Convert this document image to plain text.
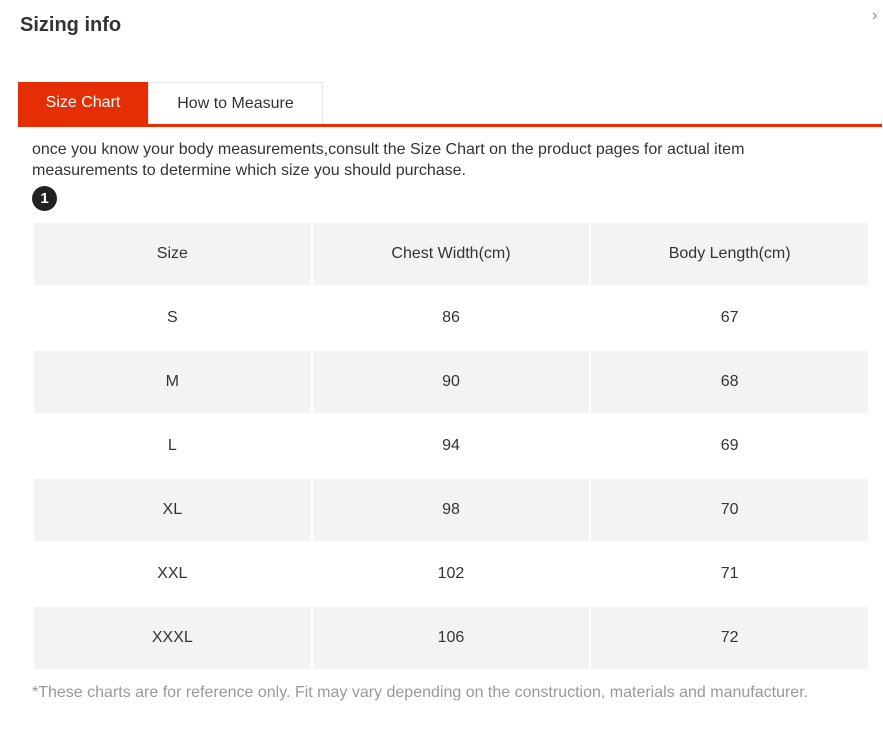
Sizing info	›
Size Chart	How to Measure
once you know your body measurements,consult the Size Chart on the product pages for actual item measurements to determine which size you should purchase.
1
Size	Chest Width(cm)	Body Length(cm)
S	86	67
M	90	68
L	94	69
XL	98	70
XXL	102	71
XXXL	106	72
*These charts are for reference only. Fit may vary depending on the construction, materials and manufacturer.
